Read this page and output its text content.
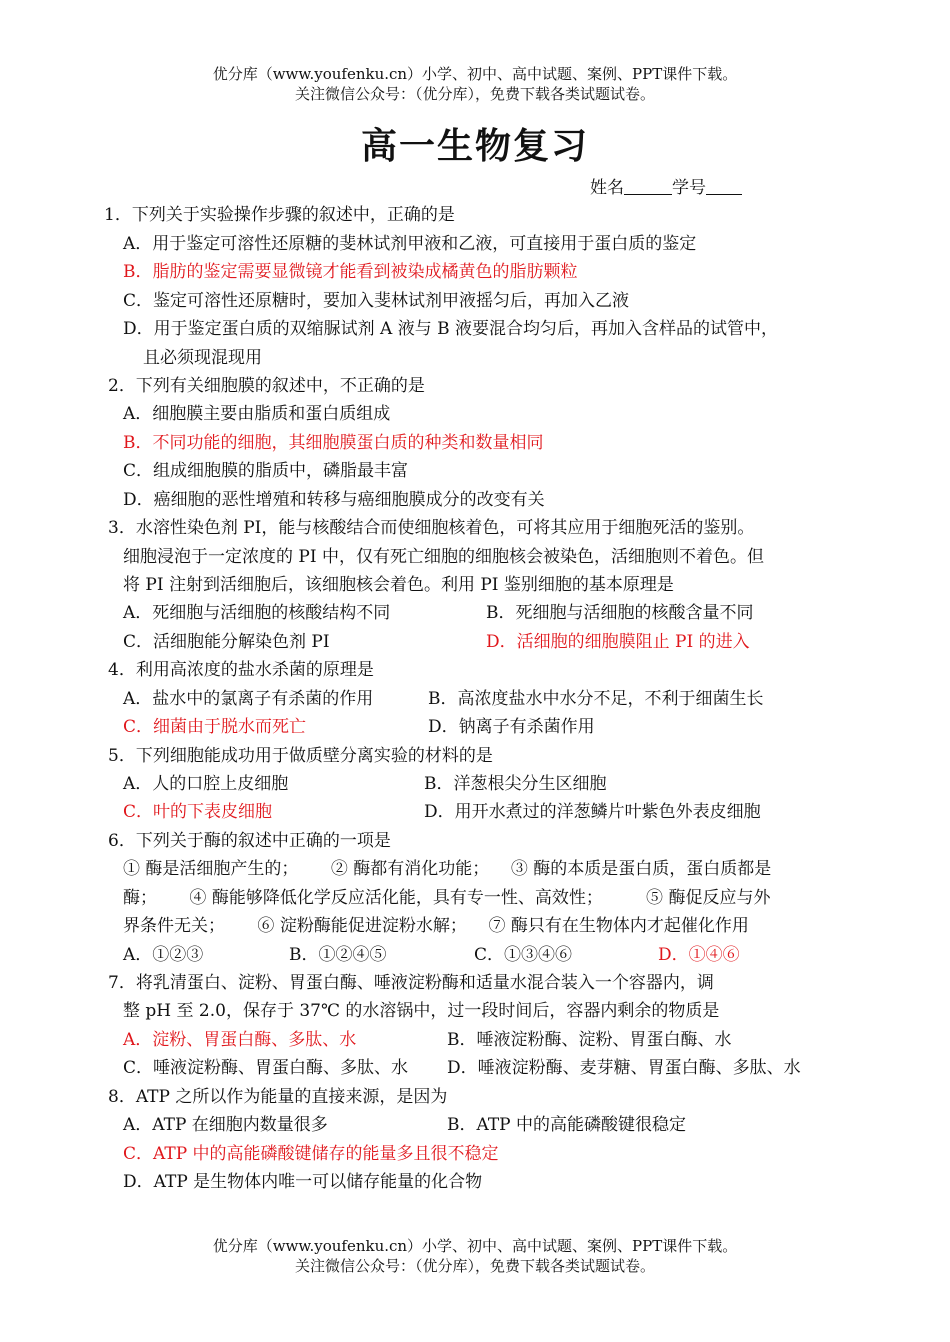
优分库（www.youfenku.cn）小学、初中、高中试题、案例、PPT课件下载。
关注微信公众号：（优分库），免费下载各类试题试卷。
高一生物复习
姓名	学号
1．下列关于实验操作步骤的叙述中，正确的是
A．用于鉴定可溶性还原糖的斐林试剂甲液和乙液，可直接用于蛋白质的鉴定
B．脂肪的鉴定需要显微镜才能看到被染成橘黄色的脂肪颗粒
C．鉴定可溶性还原糖时，要加入斐林试剂甲液摇匀后，再加入乙液
D．用于鉴定蛋白质的双缩脲试剂 A 液与 B 液要混合均匀后，再加入含样品的试管中，
且必须现混现用
2．下列有关细胞膜的叙述中，不正确的是
A．细胞膜主要由脂质和蛋白质组成
B．不同功能的细胞，其细胞膜蛋白质的种类和数量相同
C．组成细胞膜的脂质中，磷脂最丰富
D．癌细胞的恶性增殖和转移与癌细胞膜成分的改变有关
3．水溶性染色剂 PI，能与核酸结合而使细胞核着色，可将其应用于细胞死活的鉴别。
细胞浸泡于一定浓度的 PI 中，仅有死亡细胞的细胞核会被染色，活细胞则不着色。但
将 PI 注射到活细胞后，该细胞核会着色。利用 PI 鉴别细胞的基本原理是
A．死细胞与活细胞的核酸结构不同	B．死细胞与活细胞的核酸含量不同
C．活细胞能分解染色剂 PI	D．活细胞的细胞膜阻止 PI 的进入
4．利用高浓度的盐水杀菌的原理是
A．盐水中的氯离子有杀菌的作用	B．高浓度盐水中水分不足，不利于细菌生长
C．细菌由于脱水而死亡	D．钠离子有杀菌作用
5．下列细胞能成功用于做质壁分离实验的材料的是
A．人的口腔上皮细胞	B．洋葱根尖分生区细胞
C．叶的下表皮细胞	D．用开水煮过的洋葱鳞片叶紫色外表皮细胞
6．下列关于酶的叙述中正确的一项是
① 酶是活细胞产生的；      ② 酶都有消化功能；    ③ 酶的本质是蛋白质，蛋白质都是
酶；      ④ 酶能够降低化学反应活化能，具有专一性、高效性；        ⑤ 酶促反应与外
界条件无关；      ⑥ 淀粉酶能促进淀粉水解；    ⑦ 酶只有在生物体内才起催化作用
A．①②③	B．①②④⑤	C．①③④⑥	D．①④⑥
7．将乳清蛋白、淀粉、胃蛋白酶、唾液淀粉酶和适量水混合装入一个容器内，调
整 pH 至 2.0，保存于 37℃ 的水溶锅中，过一段时间后，容器内剩余的物质是
A．淀粉、胃蛋白酶、多肽、水	B．唾液淀粉酶、淀粉、胃蛋白酶、水
C．唾液淀粉酶、胃蛋白酶、多肽、水 D．唾液淀粉酶、麦芽糖、胃蛋白酶、多肽、水
8．ATP 之所以作为能量的直接来源，是因为
A．ATP 在细胞内数量很多	B．ATP 中的高能磷酸键很稳定
C．ATP 中的高能磷酸键储存的能量多且很不稳定
D．ATP 是生物体内唯一可以储存能量的化合物
优分库（www.youfenku.cn）小学、初中、高中试题、案例、PPT课件下载。
关注微信公众号：（优分库），免费下载各类试题试卷。
